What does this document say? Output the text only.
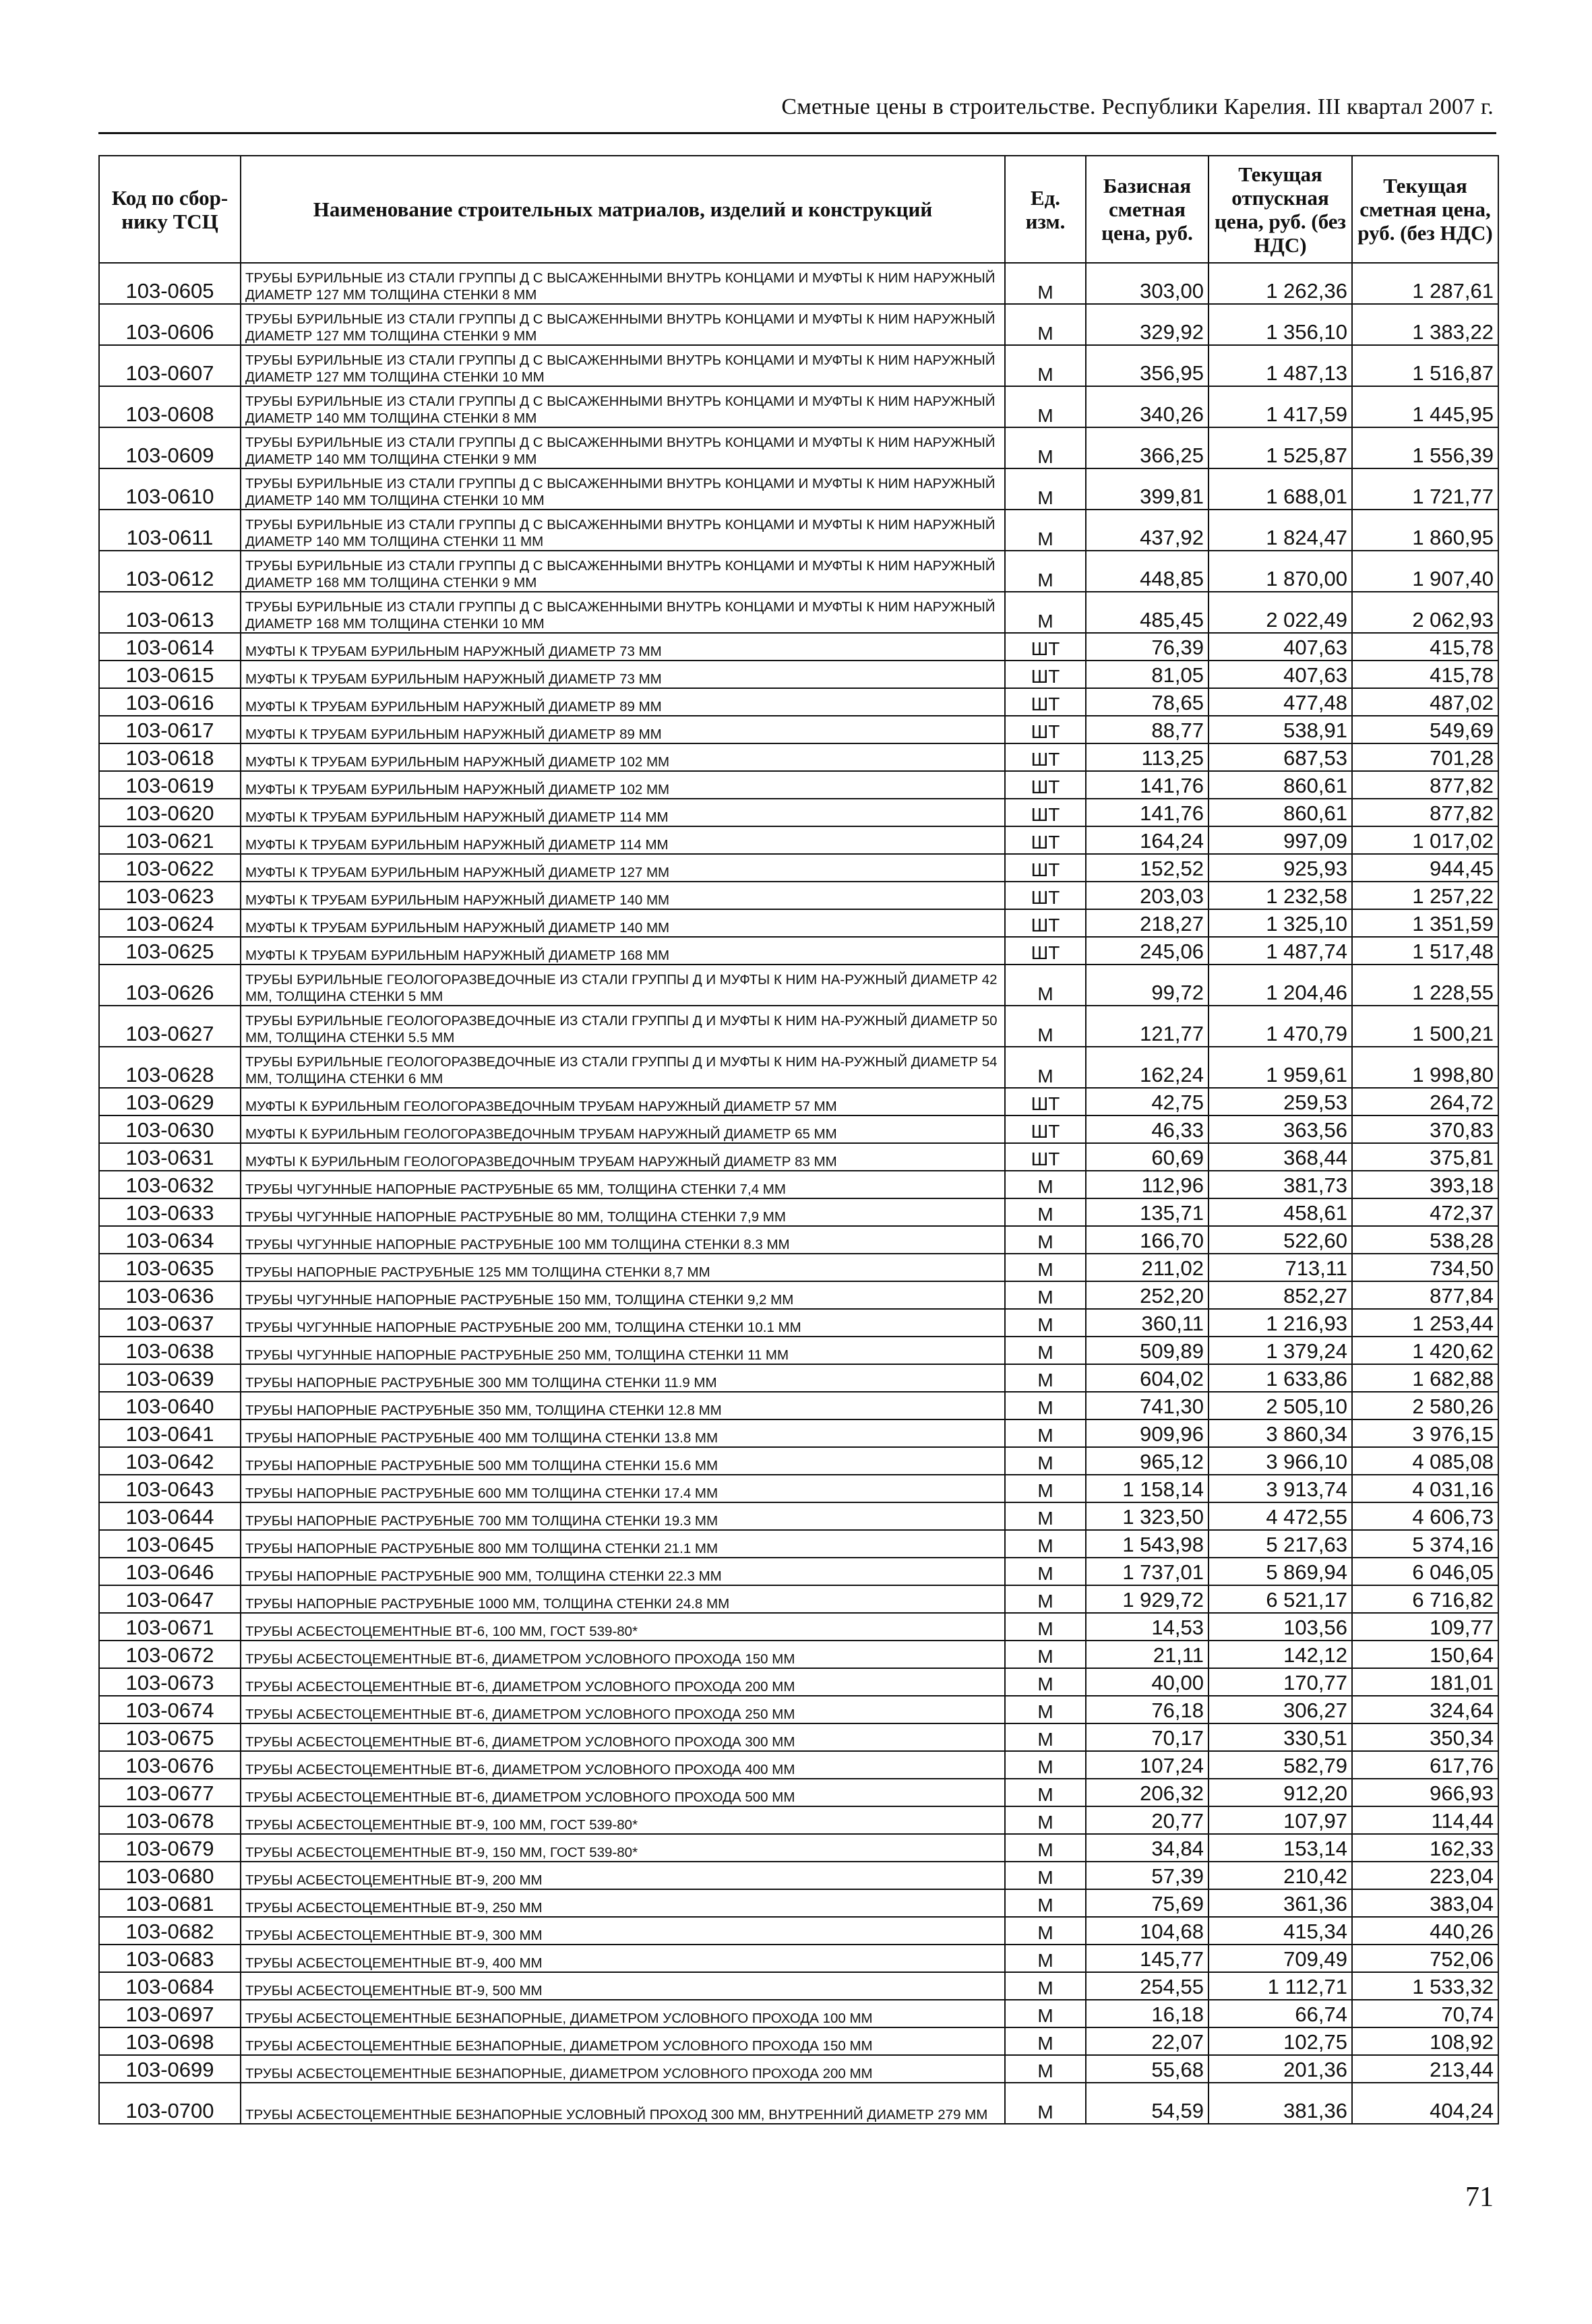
Сметные цены в строительстве. Республики Карелия. III квартал 2007 г.
Код по сбор-нику ТСЦ	Наименование строительных матриалов, изделий и конструкций	Ед. изм.	Базисная сметная цена, руб.	Текущая отпускная цена, руб. (без НДС)	Текущая сметная цена, руб. (без НДС)
103-0605	ТРУБЫ БУРИЛЬНЫЕ ИЗ СТАЛИ ГРУППЫ Д С ВЫСАЖЕННЫМИ ВНУТРЬ КОНЦАМИ И МУФТЫ К НИМ НАРУЖНЫЙ ДИАМЕТР 127 ММ ТОЛЩИНА СТЕНКИ 8 ММ	М	303,00	1 262,36	1 287,61
103-0606	ТРУБЫ БУРИЛЬНЫЕ ИЗ СТАЛИ ГРУППЫ Д С ВЫСАЖЕННЫМИ ВНУТРЬ КОНЦАМИ И МУФТЫ К НИМ НАРУЖНЫЙ ДИАМЕТР 127 ММ ТОЛЩИНА СТЕНКИ 9 ММ	М	329,92	1 356,10	1 383,22
103-0607	ТРУБЫ БУРИЛЬНЫЕ ИЗ СТАЛИ ГРУППЫ Д С ВЫСАЖЕННЫМИ ВНУТРЬ КОНЦАМИ И МУФТЫ К НИМ НАРУЖНЫЙ ДИАМЕТР 127 ММ ТОЛЩИНА СТЕНКИ 10 ММ	М	356,95	1 487,13	1 516,87
103-0608	ТРУБЫ БУРИЛЬНЫЕ ИЗ СТАЛИ ГРУППЫ Д С ВЫСАЖЕННЫМИ ВНУТРЬ КОНЦАМИ И МУФТЫ К НИМ НАРУЖНЫЙ ДИАМЕТР 140 ММ ТОЛЩИНА СТЕНКИ 8 ММ	М	340,26	1 417,59	1 445,95
103-0609	ТРУБЫ БУРИЛЬНЫЕ ИЗ СТАЛИ ГРУППЫ Д С ВЫСАЖЕННЫМИ ВНУТРЬ КОНЦАМИ И МУФТЫ К НИМ НАРУЖНЫЙ ДИАМЕТР 140 ММ ТОЛЩИНА СТЕНКИ 9 ММ	М	366,25	1 525,87	1 556,39
103-0610	ТРУБЫ БУРИЛЬНЫЕ ИЗ СТАЛИ ГРУППЫ Д С ВЫСАЖЕННЫМИ ВНУТРЬ КОНЦАМИ И МУФТЫ К НИМ НАРУЖНЫЙ ДИАМЕТР 140 ММ ТОЛЩИНА СТЕНКИ 10 ММ	М	399,81	1 688,01	1 721,77
103-0611	ТРУБЫ БУРИЛЬНЫЕ ИЗ СТАЛИ ГРУППЫ Д С ВЫСАЖЕННЫМИ ВНУТРЬ КОНЦАМИ И МУФТЫ К НИМ НАРУЖНЫЙ ДИАМЕТР 140 ММ ТОЛЩИНА СТЕНКИ 11 ММ	М	437,92	1 824,47	1 860,95
103-0612	ТРУБЫ БУРИЛЬНЫЕ ИЗ СТАЛИ ГРУППЫ Д С ВЫСАЖЕННЫМИ ВНУТРЬ КОНЦАМИ И МУФТЫ К НИМ НАРУЖНЫЙ ДИАМЕТР 168 ММ ТОЛЩИНА СТЕНКИ 9 ММ	М	448,85	1 870,00	1 907,40
103-0613	ТРУБЫ БУРИЛЬНЫЕ ИЗ СТАЛИ ГРУППЫ Д С ВЫСАЖЕННЫМИ ВНУТРЬ КОНЦАМИ И МУФТЫ К НИМ НАРУЖНЫЙ ДИАМЕТР 168 ММ ТОЛЩИНА СТЕНКИ 10 ММ	М	485,45	2 022,49	2 062,93
103-0614	МУФТЫ К ТРУБАМ БУРИЛЬНЫМ НАРУЖНЫЙ ДИАМЕТР 73 ММ	ШТ	76,39	407,63	415,78
103-0615	МУФТЫ К ТРУБАМ БУРИЛЬНЫМ НАРУЖНЫЙ ДИАМЕТР 73 ММ	ШТ	81,05	407,63	415,78
103-0616	МУФТЫ К ТРУБАМ БУРИЛЬНЫМ НАРУЖНЫЙ ДИАМЕТР 89 ММ	ШТ	78,65	477,48	487,02
103-0617	МУФТЫ К ТРУБАМ БУРИЛЬНЫМ НАРУЖНЫЙ ДИАМЕТР 89 ММ	ШТ	88,77	538,91	549,69
103-0618	МУФТЫ К ТРУБАМ БУРИЛЬНЫМ НАРУЖНЫЙ ДИАМЕТР 102 ММ	ШТ	113,25	687,53	701,28
103-0619	МУФТЫ К ТРУБАМ БУРИЛЬНЫМ НАРУЖНЫЙ ДИАМЕТР 102 ММ	ШТ	141,76	860,61	877,82
103-0620	МУФТЫ К ТРУБАМ БУРИЛЬНЫМ НАРУЖНЫЙ ДИАМЕТР 114 ММ	ШТ	141,76	860,61	877,82
103-0621	МУФТЫ К ТРУБАМ БУРИЛЬНЫМ НАРУЖНЫЙ ДИАМЕТР 114 ММ	ШТ	164,24	997,09	1 017,02
103-0622	МУФТЫ К ТРУБАМ БУРИЛЬНЫМ НАРУЖНЫЙ ДИАМЕТР 127 ММ	ШТ	152,52	925,93	944,45
103-0623	МУФТЫ К ТРУБАМ БУРИЛЬНЫМ НАРУЖНЫЙ ДИАМЕТР 140 ММ	ШТ	203,03	1 232,58	1 257,22
103-0624	МУФТЫ К ТРУБАМ БУРИЛЬНЫМ НАРУЖНЫЙ ДИАМЕТР 140 ММ	ШТ	218,27	1 325,10	1 351,59
103-0625	МУФТЫ К ТРУБАМ БУРИЛЬНЫМ НАРУЖНЫЙ ДИАМЕТР 168 ММ	ШТ	245,06	1 487,74	1 517,48
103-0626	ТРУБЫ БУРИЛЬНЫЕ ГЕОЛОГОРАЗВЕДОЧНЫЕ ИЗ СТАЛИ ГРУППЫ Д И МУФТЫ К НИМ НА-РУЖНЫЙ ДИАМЕТР 42 ММ, ТОЛЩИНА СТЕНКИ 5 ММ	М	99,72	1 204,46	1 228,55
103-0627	ТРУБЫ БУРИЛЬНЫЕ ГЕОЛОГОРАЗВЕДОЧНЫЕ ИЗ СТАЛИ ГРУППЫ Д И МУФТЫ К НИМ НА-РУЖНЫЙ ДИАМЕТР 50 ММ, ТОЛЩИНА СТЕНКИ 5.5 ММ	М	121,77	1 470,79	1 500,21
103-0628	ТРУБЫ БУРИЛЬНЫЕ ГЕОЛОГОРАЗВЕДОЧНЫЕ ИЗ СТАЛИ ГРУППЫ Д И МУФТЫ К НИМ НА-РУЖНЫЙ ДИАМЕТР 54 ММ, ТОЛЩИНА СТЕНКИ 6 ММ	М	162,24	1 959,61	1 998,80
103-0629	МУФТЫ К БУРИЛЬНЫМ ГЕОЛОГОРАЗВЕДОЧНЫМ ТРУБАМ НАРУЖНЫЙ ДИАМЕТР 57 ММ	ШТ	42,75	259,53	264,72
103-0630	МУФТЫ К БУРИЛЬНЫМ ГЕОЛОГОРАЗВЕДОЧНЫМ ТРУБАМ НАРУЖНЫЙ ДИАМЕТР 65 ММ	ШТ	46,33	363,56	370,83
103-0631	МУФТЫ К БУРИЛЬНЫМ ГЕОЛОГОРАЗВЕДОЧНЫМ ТРУБАМ НАРУЖНЫЙ ДИАМЕТР 83 ММ	ШТ	60,69	368,44	375,81
103-0632	ТРУБЫ ЧУГУННЫЕ НАПОРНЫЕ РАСТРУБНЫЕ 65 ММ, ТОЛЩИНА СТЕНКИ 7,4 ММ	М	112,96	381,73	393,18
103-0633	ТРУБЫ ЧУГУННЫЕ НАПОРНЫЕ РАСТРУБНЫЕ 80 ММ, ТОЛЩИНА СТЕНКИ 7,9 ММ	М	135,71	458,61	472,37
103-0634	ТРУБЫ ЧУГУННЫЕ НАПОРНЫЕ РАСТРУБНЫЕ 100 ММ ТОЛЩИНА СТЕНКИ 8.3 ММ	М	166,70	522,60	538,28
103-0635	ТРУБЫ НАПОРНЫЕ РАСТРУБНЫЕ 125 ММ ТОЛЩИНА СТЕНКИ 8,7 ММ	М	211,02	713,11	734,50
103-0636	ТРУБЫ ЧУГУННЫЕ НАПОРНЫЕ РАСТРУБНЫЕ 150 ММ, ТОЛЩИНА СТЕНКИ 9,2 ММ	М	252,20	852,27	877,84
103-0637	ТРУБЫ ЧУГУННЫЕ НАПОРНЫЕ РАСТРУБНЫЕ 200 ММ, ТОЛЩИНА СТЕНКИ 10.1 ММ	М	360,11	1 216,93	1 253,44
103-0638	ТРУБЫ ЧУГУННЫЕ НАПОРНЫЕ РАСТРУБНЫЕ 250 ММ, ТОЛЩИНА СТЕНКИ 11 ММ	М	509,89	1 379,24	1 420,62
103-0639	ТРУБЫ НАПОРНЫЕ РАСТРУБНЫЕ 300 ММ ТОЛЩИНА СТЕНКИ 11.9 ММ	М	604,02	1 633,86	1 682,88
103-0640	ТРУБЫ НАПОРНЫЕ РАСТРУБНЫЕ 350 ММ, ТОЛЩИНА СТЕНКИ 12.8 ММ	М	741,30	2 505,10	2 580,26
103-0641	ТРУБЫ НАПОРНЫЕ РАСТРУБНЫЕ 400 ММ ТОЛЩИНА СТЕНКИ 13.8 ММ	М	909,96	3 860,34	3 976,15
103-0642	ТРУБЫ НАПОРНЫЕ РАСТРУБНЫЕ 500 ММ ТОЛЩИНА СТЕНКИ 15.6 ММ	М	965,12	3 966,10	4 085,08
103-0643	ТРУБЫ НАПОРНЫЕ РАСТРУБНЫЕ 600 ММ ТОЛЩИНА СТЕНКИ 17.4 ММ	М	1 158,14	3 913,74	4 031,16
103-0644	ТРУБЫ НАПОРНЫЕ РАСТРУБНЫЕ 700 ММ ТОЛЩИНА СТЕНКИ 19.3 ММ	М	1 323,50	4 472,55	4 606,73
103-0645	ТРУБЫ НАПОРНЫЕ РАСТРУБНЫЕ 800 ММ ТОЛЩИНА СТЕНКИ 21.1 ММ	М	1 543,98	5 217,63	5 374,16
103-0646	ТРУБЫ НАПОРНЫЕ РАСТРУБНЫЕ 900 ММ, ТОЛЩИНА СТЕНКИ 22.3 ММ	М	1 737,01	5 869,94	6 046,05
103-0647	ТРУБЫ НАПОРНЫЕ РАСТРУБНЫЕ 1000 ММ, ТОЛЩИНА СТЕНКИ 24.8 ММ	М	1 929,72	6 521,17	6 716,82
103-0671	ТРУБЫ АСБЕСТОЦЕМЕНТНЫЕ ВТ-6, 100 ММ, ГОСТ 539-80*	М	14,53	103,56	109,77
103-0672	ТРУБЫ АСБЕСТОЦЕМЕНТНЫЕ ВТ-6, ДИАМЕТРОМ УСЛОВНОГО ПРОХОДА 150 ММ	М	21,11	142,12	150,64
103-0673	ТРУБЫ АСБЕСТОЦЕМЕНТНЫЕ ВТ-6, ДИАМЕТРОМ УСЛОВНОГО ПРОХОДА 200 ММ	М	40,00	170,77	181,01
103-0674	ТРУБЫ АСБЕСТОЦЕМЕНТНЫЕ ВТ-6, ДИАМЕТРОМ УСЛОВНОГО ПРОХОДА 250 ММ	М	76,18	306,27	324,64
103-0675	ТРУБЫ АСБЕСТОЦЕМЕНТНЫЕ ВТ-6, ДИАМЕТРОМ УСЛОВНОГО ПРОХОДА 300 ММ	М	70,17	330,51	350,34
103-0676	ТРУБЫ АСБЕСТОЦЕМЕНТНЫЕ ВТ-6, ДИАМЕТРОМ УСЛОВНОГО ПРОХОДА 400 ММ	М	107,24	582,79	617,76
103-0677	ТРУБЫ АСБЕСТОЦЕМЕНТНЫЕ ВТ-6, ДИАМЕТРОМ УСЛОВНОГО ПРОХОДА 500 ММ	М	206,32	912,20	966,93
103-0678	ТРУБЫ АСБЕСТОЦЕМЕНТНЫЕ ВТ-9, 100 ММ, ГОСТ 539-80*	М	20,77	107,97	114,44
103-0679	ТРУБЫ АСБЕСТОЦЕМЕНТНЫЕ ВТ-9, 150 ММ, ГОСТ 539-80*	М	34,84	153,14	162,33
103-0680	ТРУБЫ АСБЕСТОЦЕМЕНТНЫЕ ВТ-9, 200 ММ	М	57,39	210,42	223,04
103-0681	ТРУБЫ АСБЕСТОЦЕМЕНТНЫЕ ВТ-9, 250 ММ	М	75,69	361,36	383,04
103-0682	ТРУБЫ АСБЕСТОЦЕМЕНТНЫЕ ВТ-9, 300 ММ	М	104,68	415,34	440,26
103-0683	ТРУБЫ АСБЕСТОЦЕМЕНТНЫЕ ВТ-9, 400 ММ	М	145,77	709,49	752,06
103-0684	ТРУБЫ АСБЕСТОЦЕМЕНТНЫЕ ВТ-9, 500 ММ	М	254,55	1 112,71	1 533,32
103-0697	ТРУБЫ АСБЕСТОЦЕМЕНТНЫЕ БЕЗНАПОРНЫЕ, ДИАМЕТРОМ УСЛОВНОГО ПРОХОДА 100 ММ	М	16,18	66,74	70,74
103-0698	ТРУБЫ АСБЕСТОЦЕМЕНТНЫЕ БЕЗНАПОРНЫЕ, ДИАМЕТРОМ УСЛОВНОГО ПРОХОДА 150 ММ	М	22,07	102,75	108,92
103-0699	ТРУБЫ АСБЕСТОЦЕМЕНТНЫЕ БЕЗНАПОРНЫЕ, ДИАМЕТРОМ УСЛОВНОГО ПРОХОДА 200 ММ	М	55,68	201,36	213,44
103-0700	ТРУБЫ АСБЕСТОЦЕМЕНТНЫЕ БЕЗНАПОРНЫЕ УСЛОВНЫЙ ПРОХОД 300 ММ, ВНУТРЕННИЙ ДИАМЕТР 279 ММ	М	54,59	381,36	404,24
71
